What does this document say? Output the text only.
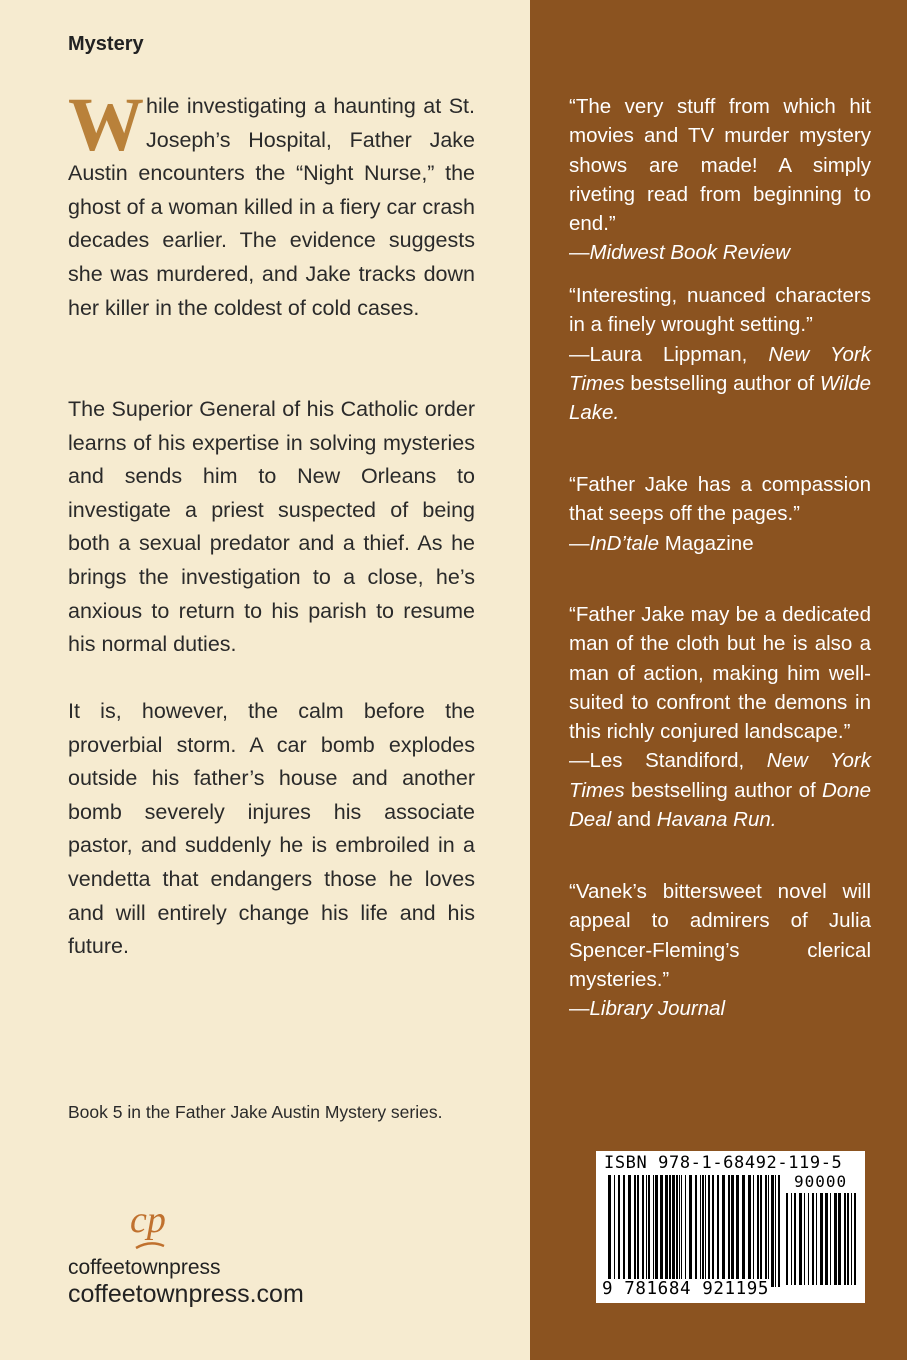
Mystery

While investigating a haunting at St. Joseph’s Hospital, Father Jake Austin encounters the “Night Nurse,” the ghost of a woman killed in a fiery car crash decades earlier. The evidence suggests she was murdered, and Jake tracks down her killer in the coldest of cold cases.

The Superior General of his Catholic order learns of his expertise in solving mysteries and sends him to New Orleans to investigate a priest suspected of being both a sexual predator and a thief. As he brings the investigation to a close, he’s anxious to return to his parish to resume his normal duties.

It is, however, the calm before the proverbial storm. A car bomb explodes outside his father’s house and another bomb severely injures his associate pastor, and suddenly he is embroiled in a vendetta that endangers those he loves and will entirely change his life and his future.

Book 5 in the Father Jake Austin Mystery series.
cp
coffeetownpress
coffeetownpress.com
“The very stuff from which hit movies and TV murder mystery shows are made! A simply riveting read from beginning to end.”
—Midwest Book Review
“Interesting, nuanced characters in a finely wrought setting.”
—Laura Lippman, New York Times bestselling author of Wilde Lake.
“Father Jake has a compassion that seeps off the pages.”
—InD’tale Magazine
“Father Jake may be a dedicated man of the cloth but he is also a man of action, making him well-suited to confront the demons in this richly conjured landscape.”
—Les Standiford, New York Times bestselling author of Done Deal and Havana Run.
“Vanek’s bittersweet novel will appeal to admirers of Julia Spencer-Fleming’s clerical mysteries.”
—Library Journal
ISBN 978-1-68492-119-5
90000
9 781684 921195
